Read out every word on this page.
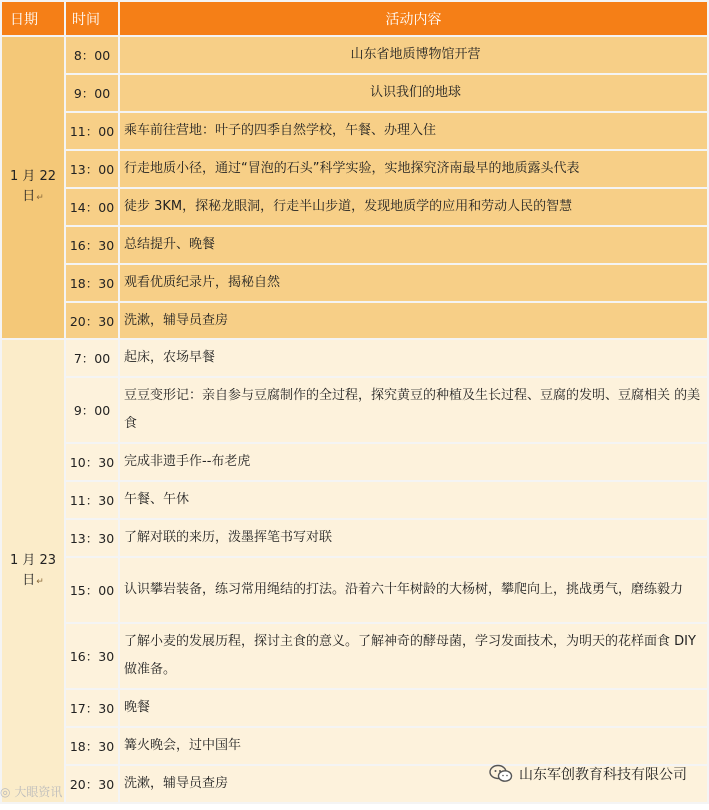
日期	时间	活动内容
1 月 22 日↵	8：00	山东省地质博物馆开营
	9：00	认识我们的地球
	11：00	乘车前往营地：叶子的四季自然学校，午餐、办理入住
	13：00	行走地质小径，通过“冒泡的石头”科学实验，实地探究济南最早的地质露头代表
	14：00	徒步 3KM，探秘龙眼洞，行走半山步道，发现地质学的应用和劳动人民的智慧
	16：30	总结提升、晚餐
	18：30	观看优质纪录片，揭秘自然
	20：30	洗漱，辅导员查房
1 月 23 日↵	7：00	起床，农场早餐
	9：00	豆豆变形记：亲自参与豆腐制作的全过程，探究黄豆的种植及生长过程、豆腐的发明、豆腐相关 的美食
	10：30	完成非遗手作--布老虎
	11：30	午餐、午休
	13：30	了解对联的来历，泼墨挥笔书写对联
	15：00	认识攀岩装备，练习常用绳结的打法。沿着六十年树龄的大杨树，攀爬向上，挑战勇气，磨练毅力
	16：30	了解小麦的发展历程，探讨主食的意义。了解神奇的酵母菌，学习发面技术，为明天的花样面食 DIY 做准备。
	17：30	晚餐
	18：30	篝火晚会，过中国年
	20：30	洗漱，辅导员查房
◎ 大眼资讯
山东军创教育科技有限公司
